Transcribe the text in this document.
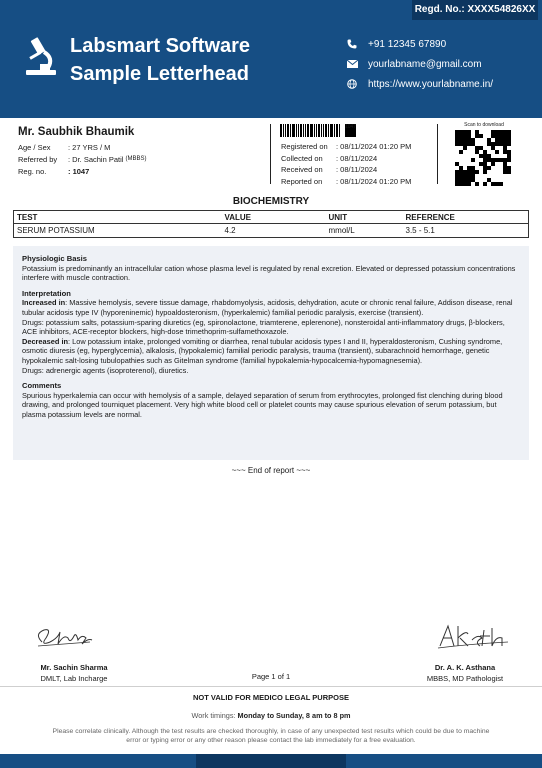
Regd. No.: XXXX54826XX
Labsmart Software
Sample Letterhead
+91 12345 67890
yourlabname@gmail.com
https://www.yourlabname.in/
Mr. Saubhik Bhaumik
Age / Sex	: 27 YRS / M
Referred by	: Dr. Sachin Patil
(MBBS)
Reg. no.	: 1047
1047
Registered on	: 08/11/2024 01:20 PM
Collected on	: 08/11/2024
Received on	: 08/11/2024
Reported on	: 08/11/2024 01:20 PM
Scan to download
BIOCHEMISTRY
TEST	VALUE	UNIT	REFERENCE
SERUM POTASSIUM	4.2	mmol/L	3.5 - 5.1
Physiologic Basis

Potassium is predominantly an intracellular cation whose plasma level is regulated by renal excretion. Elevated or depressed potassium concentrations interfere with muscle contraction.

Interpretation

Increased in: Massive hemolysis, severe tissue damage, rhabdomyolysis, acidosis, dehydration, acute or chronic renal failure, Addison disease, renal tubular acidosis type IV (hyporeninemic) hypoaldosteronism, (hyperkalemic) familial periodic paralysis, exercise (transient).

Drugs: potassium salts, potassium-sparing diuretics (eg, spironolactone, triamterene, eplerenone), nonsteroidal anti-inflammatory drugs, β-blockers, ACE inhibitors, ACE-receptor blockers, high-dose trimethoprim-sulfamethoxazole.

Decreased in: Low potassium intake, prolonged vomiting or diarrhea, renal tubular acidosis types I and II, hyperaldosteronism, Cushing syndrome, osmotic diuresis (eg, hyperglycemia), alkalosis, (hypokalemic) familial periodic paralysis, trauma (transient), subarachnoid hemorrhage, genetic hypokalemic salt-losing tubulopathies such as Gitelman syndrome (familial hypokalemia-hypocalcemia-hypomagnesemia).

Drugs: adrenergic agents (isoproterenol), diuretics.

Comments

Spurious hyperkalemia can occur with hemolysis of a sample, delayed separation of serum from erythrocytes, prolonged fist clenching during blood drawing, and prolonged tourniquet placement. Very high white blood cell or platelet counts may cause spurious elevation of serum potassium, but plasma potassium levels are normal.

~~~ End of report ~~~
Mr. Sachin Sharma
DMLT, Lab Incharge
Dr. A. K. Asthana
MBBS, MD Pathologist
Page 1 of 1
NOT VALID FOR MEDICO LEGAL PURPOSE
Work timings: Monday to Sunday, 8 am to 8 pm
Please correlate clinically. Although the test results are checked thoroughly, in case of any unexpected test results which could be due to machine error or typing error or any other reason please contact the lab immediately for a free evaluation.
